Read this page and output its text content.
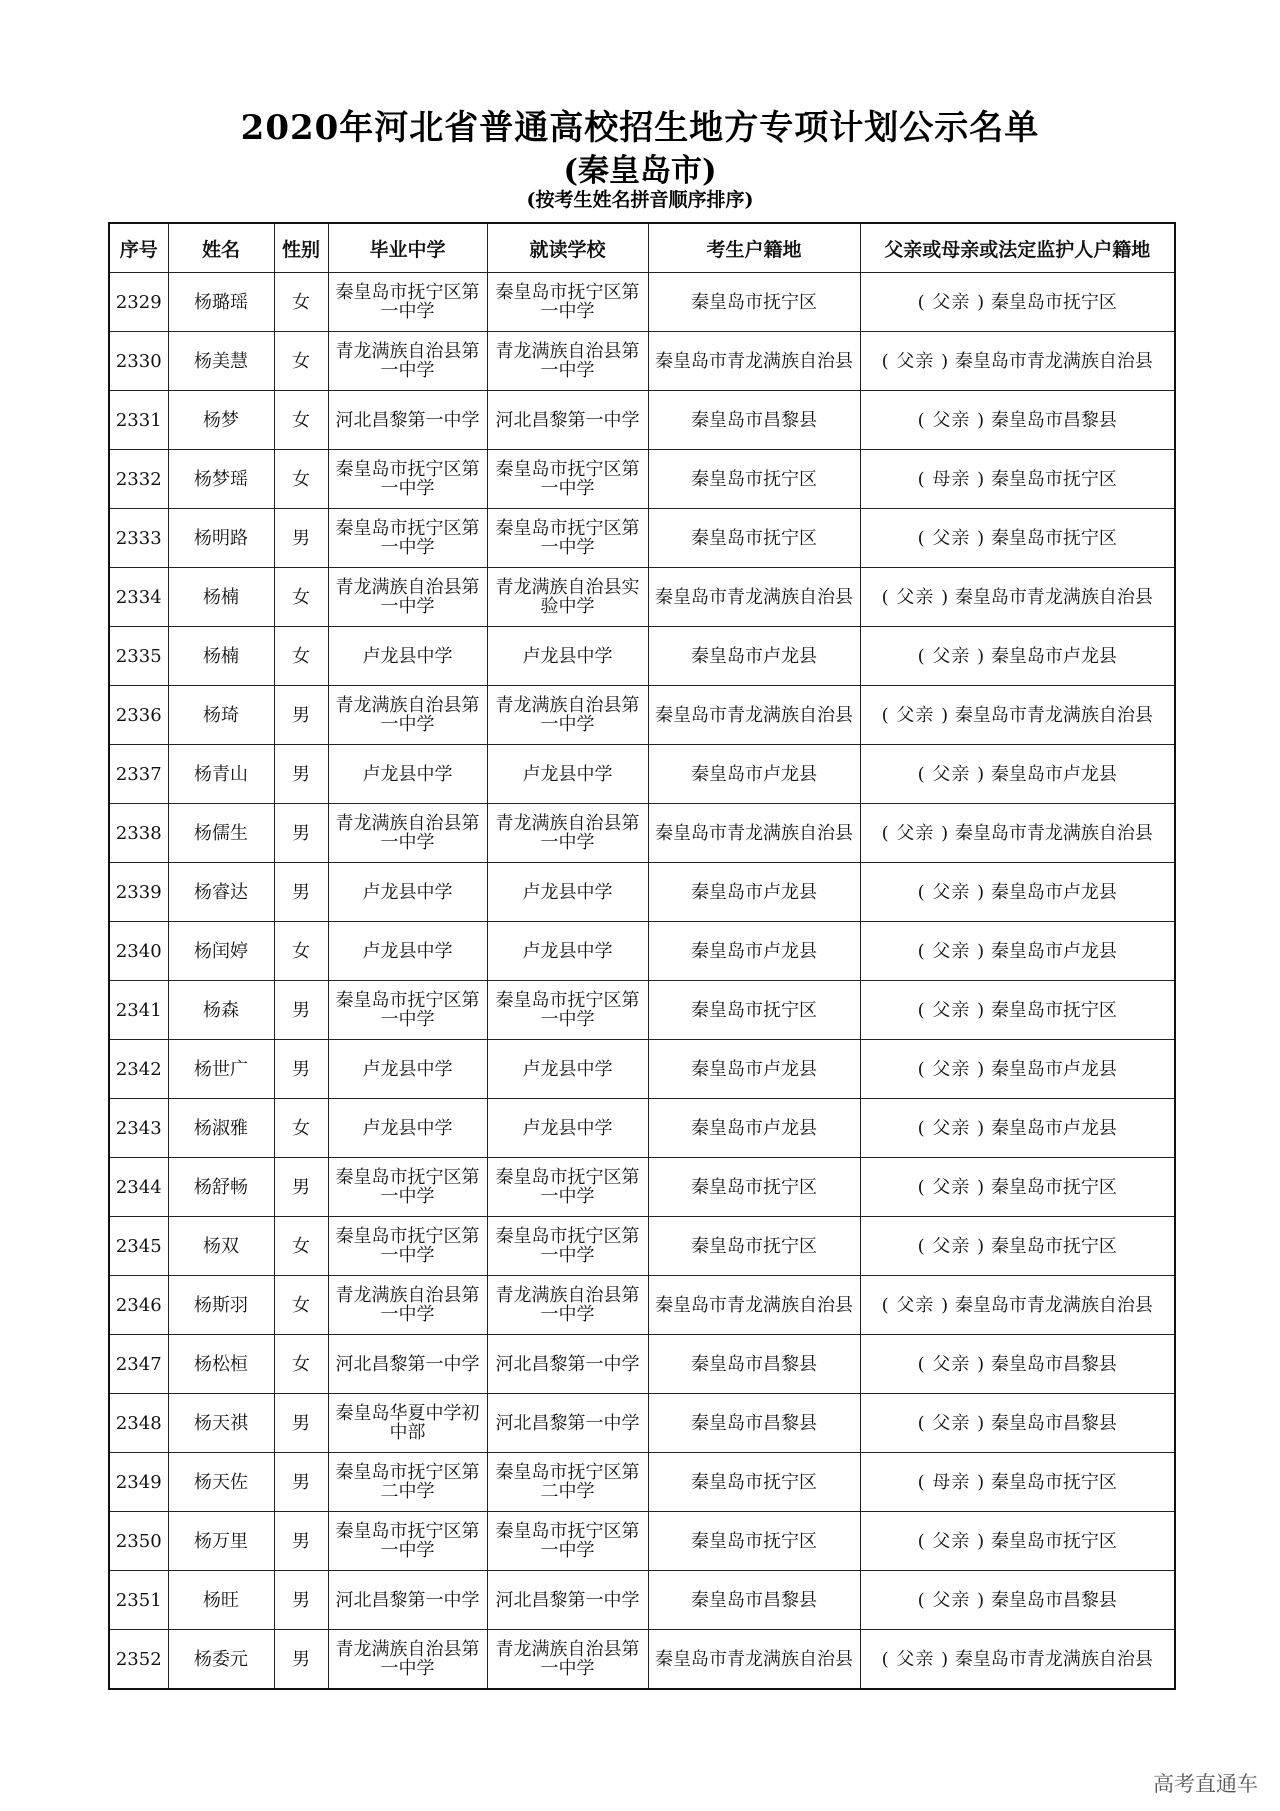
2020年河北省普通高校招生地方专项计划公示名单
(秦皇岛市)
(按考生姓名拼音顺序排序)
序号	姓名	性别	毕业中学	就读学校	考生户籍地	父亲或母亲或法定监护人户籍地
2329	杨璐瑶	女	秦皇岛市抚宁区第一中学	秦皇岛市抚宁区第一中学	秦皇岛市抚宁区	( 父亲 ) 秦皇岛市抚宁区
2330	杨美慧	女	青龙满族自治县第一中学	青龙满族自治县第一中学	秦皇岛市青龙满族自治县	( 父亲 ) 秦皇岛市青龙满族自治县
2331	杨梦	女	河北昌黎第一中学	河北昌黎第一中学	秦皇岛市昌黎县	( 父亲 ) 秦皇岛市昌黎县
2332	杨梦瑶	女	秦皇岛市抚宁区第一中学	秦皇岛市抚宁区第一中学	秦皇岛市抚宁区	( 母亲 ) 秦皇岛市抚宁区
2333	杨明路	男	秦皇岛市抚宁区第一中学	秦皇岛市抚宁区第一中学	秦皇岛市抚宁区	( 父亲 ) 秦皇岛市抚宁区
2334	杨楠	女	青龙满族自治县第一中学	青龙满族自治县实验中学	秦皇岛市青龙满族自治县	( 父亲 ) 秦皇岛市青龙满族自治县
2335	杨楠	女	卢龙县中学	卢龙县中学	秦皇岛市卢龙县	( 父亲 ) 秦皇岛市卢龙县
2336	杨琦	男	青龙满族自治县第一中学	青龙满族自治县第一中学	秦皇岛市青龙满族自治县	( 父亲 ) 秦皇岛市青龙满族自治县
2337	杨青山	男	卢龙县中学	卢龙县中学	秦皇岛市卢龙县	( 父亲 ) 秦皇岛市卢龙县
2338	杨儒生	男	青龙满族自治县第一中学	青龙满族自治县第一中学	秦皇岛市青龙满族自治县	( 父亲 ) 秦皇岛市青龙满族自治县
2339	杨睿达	男	卢龙县中学	卢龙县中学	秦皇岛市卢龙县	( 父亲 ) 秦皇岛市卢龙县
2340	杨闰婷	女	卢龙县中学	卢龙县中学	秦皇岛市卢龙县	( 父亲 ) 秦皇岛市卢龙县
2341	杨森	男	秦皇岛市抚宁区第一中学	秦皇岛市抚宁区第一中学	秦皇岛市抚宁区	( 父亲 ) 秦皇岛市抚宁区
2342	杨世广	男	卢龙县中学	卢龙县中学	秦皇岛市卢龙县	( 父亲 ) 秦皇岛市卢龙县
2343	杨淑雅	女	卢龙县中学	卢龙县中学	秦皇岛市卢龙县	( 父亲 ) 秦皇岛市卢龙县
2344	杨舒畅	男	秦皇岛市抚宁区第一中学	秦皇岛市抚宁区第一中学	秦皇岛市抚宁区	( 父亲 ) 秦皇岛市抚宁区
2345	杨双	女	秦皇岛市抚宁区第一中学	秦皇岛市抚宁区第一中学	秦皇岛市抚宁区	( 父亲 ) 秦皇岛市抚宁区
2346	杨斯羽	女	青龙满族自治县第一中学	青龙满族自治县第一中学	秦皇岛市青龙满族自治县	( 父亲 ) 秦皇岛市青龙满族自治县
2347	杨松桓	女	河北昌黎第一中学	河北昌黎第一中学	秦皇岛市昌黎县	( 父亲 ) 秦皇岛市昌黎县
2348	杨天祺	男	秦皇岛华夏中学初中部	河北昌黎第一中学	秦皇岛市昌黎县	( 父亲 ) 秦皇岛市昌黎县
2349	杨天佐	男	秦皇岛市抚宁区第二中学	秦皇岛市抚宁区第二中学	秦皇岛市抚宁区	( 母亲 ) 秦皇岛市抚宁区
2350	杨万里	男	秦皇岛市抚宁区第一中学	秦皇岛市抚宁区第一中学	秦皇岛市抚宁区	( 父亲 ) 秦皇岛市抚宁区
2351	杨旺	男	河北昌黎第一中学	河北昌黎第一中学	秦皇岛市昌黎县	( 父亲 ) 秦皇岛市昌黎县
2352	杨委元	男	青龙满族自治县第一中学	青龙满族自治县第一中学	秦皇岛市青龙满族自治县	( 父亲 ) 秦皇岛市青龙满族自治县
高考直通车
